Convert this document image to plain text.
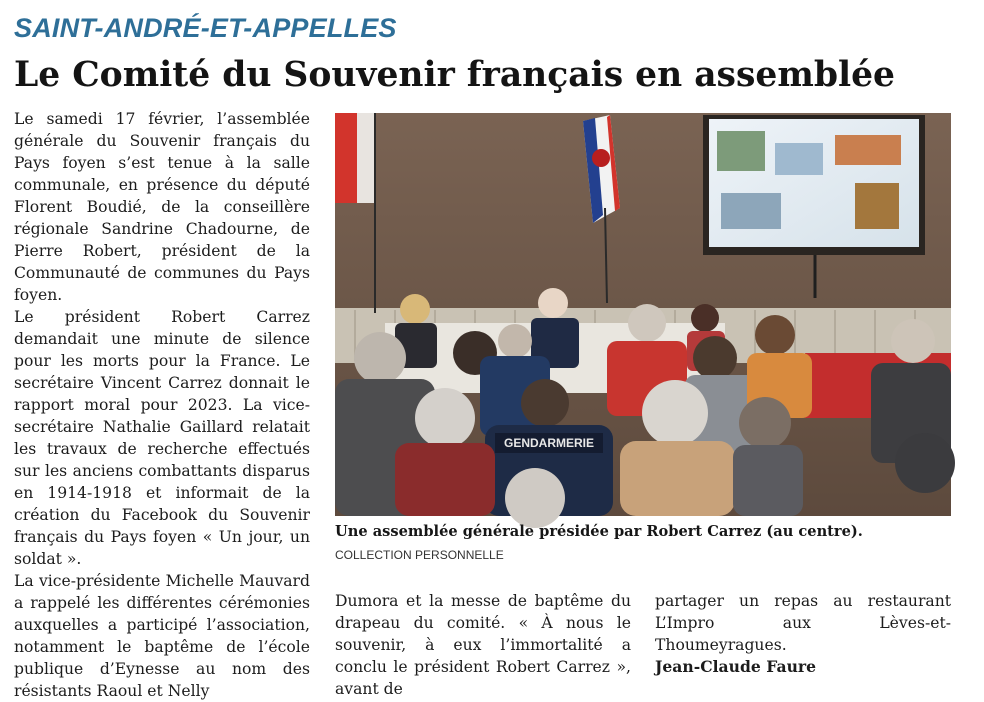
SAINT-ANDRÉ-ET-APPELLES
Le Comité du Souvenir français en assemblée

Le samedi 17 février, l’assemblée générale du Souvenir français du Pays foyen s’est tenue à la salle communale, en présence du député Florent Boudié, de la conseillère régionale Sandrine Chadourne, de Pierre Robert, président de la Communauté de communes du Pays foyen.

Le président Robert Carrez demandait une minute de silence pour les morts pour la France. Le secrétaire Vincent Carrez donnait le rapport moral pour 2023. La vice-secrétaire Nathalie Gaillard relatait les travaux de recherche effectués sur les anciens combattants disparus en 1914-1918 et informait de la création du Facebook du Souvenir français du Pays foyen « Un jour, un soldat ».

La vice-présidente Michelle Mauvard a rappelé les différentes cérémonies auxquelles a participé l’association, notamment le baptême de l’école publique d’Eynesse au nom des résistants Raoul et Nelly

GENDARMERIE

Une assemblée générale présidée par Robert Carrez (au centre).

COLLECTION PERSONNELLE

Dumora et la messe de baptême du drapeau du comité. « À nous le souvenir, à eux l’immortalité a conclu le président Robert Carrez », avant de

partager un repas au restaurant L’Impro aux Lèves-et-Thoumeyragues.

Jean-Claude Faure
